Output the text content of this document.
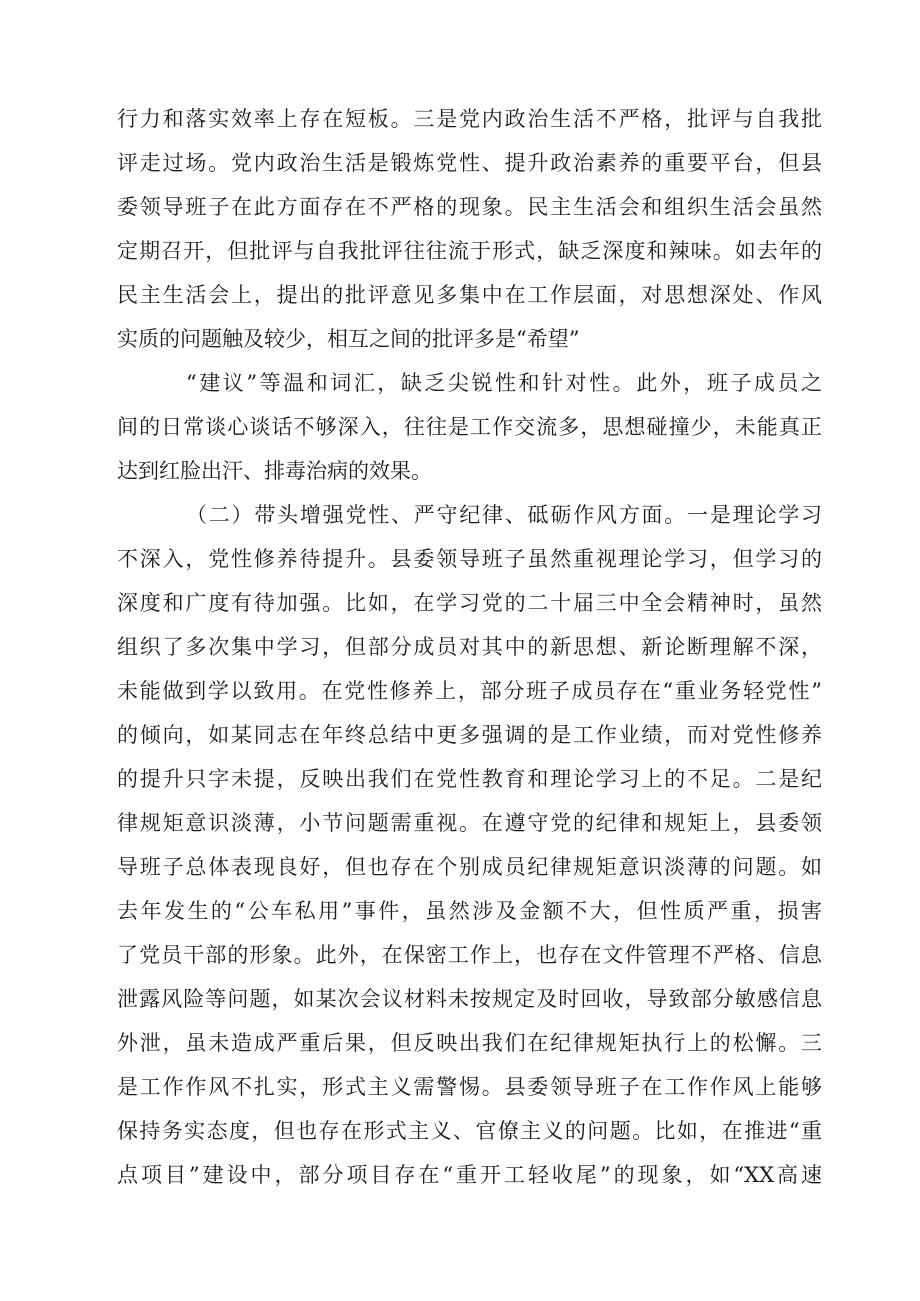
行力和落实效率上存在短板。三是党内政治生活不严格，批评与自我批
评走过场。党内政治生活是锻炼党性、提升政治素养的重要平台，但县
委领导班子在此方面存在不严格的现象。民主生活会和组织生活会虽然
定期召开，但批评与自我批评往往流于形式，缺乏深度和辣味。如去年的
民主生活会上，提出的批评意见多集中在工作层面，对思想深处、作风
实质的问题触及较少，相互之间的批评多是“希望”
“建议”等温和词汇，缺乏尖锐性和针对性。此外，班子成员之
间的日常谈心谈话不够深入，往往是工作交流多，思想碰撞少，未能真正
达到红脸出汗、排毒治病的效果。
（二）带头增强党性、严守纪律、砥砺作风方面。一是理论学习
不深入，党性修养待提升。县委领导班子虽然重视理论学习，但学习的
深度和广度有待加强。比如，在学习党的二十届三中全会精神时，虽然
组织了多次集中学习，但部分成员对其中的新思想、新论断理解不深，
未能做到学以致用。在党性修养上，部分班子成员存在“重业务轻党性”
的倾向，如某同志在年终总结中更多强调的是工作业绩，而对党性修养
的提升只字未提，反映出我们在党性教育和理论学习上的不足。二是纪
律规矩意识淡薄，小节问题需重视。在遵守党的纪律和规矩上，县委领
导班子总体表现良好，但也存在个别成员纪律规矩意识淡薄的问题。如
去年发生的“公车私用”事件，虽然涉及金额不大，但性质严重，损害
了党员干部的形象。此外，在保密工作上，也存在文件管理不严格、信息
泄露风险等问题，如某次会议材料未按规定及时回收，导致部分敏感信息
外泄，虽未造成严重后果，但反映出我们在纪律规矩执行上的松懈。三
是工作作风不扎实，形式主义需警惕。县委领导班子在工作作风上能够
保持务实态度，但也存在形式主义、官僚主义的问题。比如，在推进“重
点项目”建设中，部分项目存在“重开工轻收尾”的现象，如“XX高速
